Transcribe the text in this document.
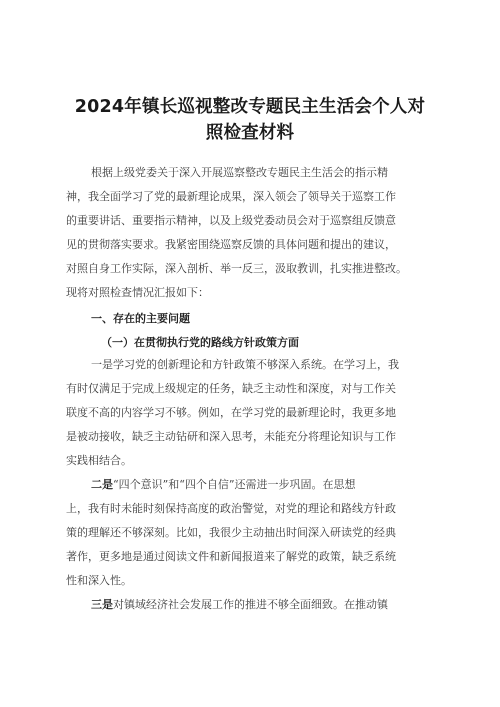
2024年镇长巡视整改专题民主生活会个人对
照检查材料
根据上级党委关于深入开展巡察整改专题民主生活会的指示精
神，我全面学习了党的最新理论成果，深入领会了领导关于巡察工作
的重要讲话、重要指示精神，以及上级党委动员会对于巡察组反馈意
见的贯彻落实要求。我紧密围绕巡察反馈的具体问题和提出的建议，
对照自身工作实际，深入剖析、举一反三，汲取教训，扎实推进整改。
现将对照检查情况汇报如下：
一、存在的主要问题
（一）在贯彻执行党的路线方针政策方面
一是学习党的创新理论和方针政策不够深入系统。在学习上，我
有时仅满足于完成上级规定的任务，缺乏主动性和深度，对与工作关
联度不高的内容学习不够。例如，在学习党的最新理论时，我更多地
是被动接收，缺乏主动钻研和深入思考，未能充分将理论知识与工作
实践相结合。
二是“四个意识”和“四个自信”还需进一步巩固。在思想
上，我有时未能时刻保持高度的政治警觉，对党的理论和路线方针政
策的理解还不够深刻。比如，我很少主动抽出时间深入研读党的经典
著作，更多地是通过阅读文件和新闻报道来了解党的政策，缺乏系统
性和深入性。
三是对镇域经济社会发展工作的推进不够全面细致。在推动镇
